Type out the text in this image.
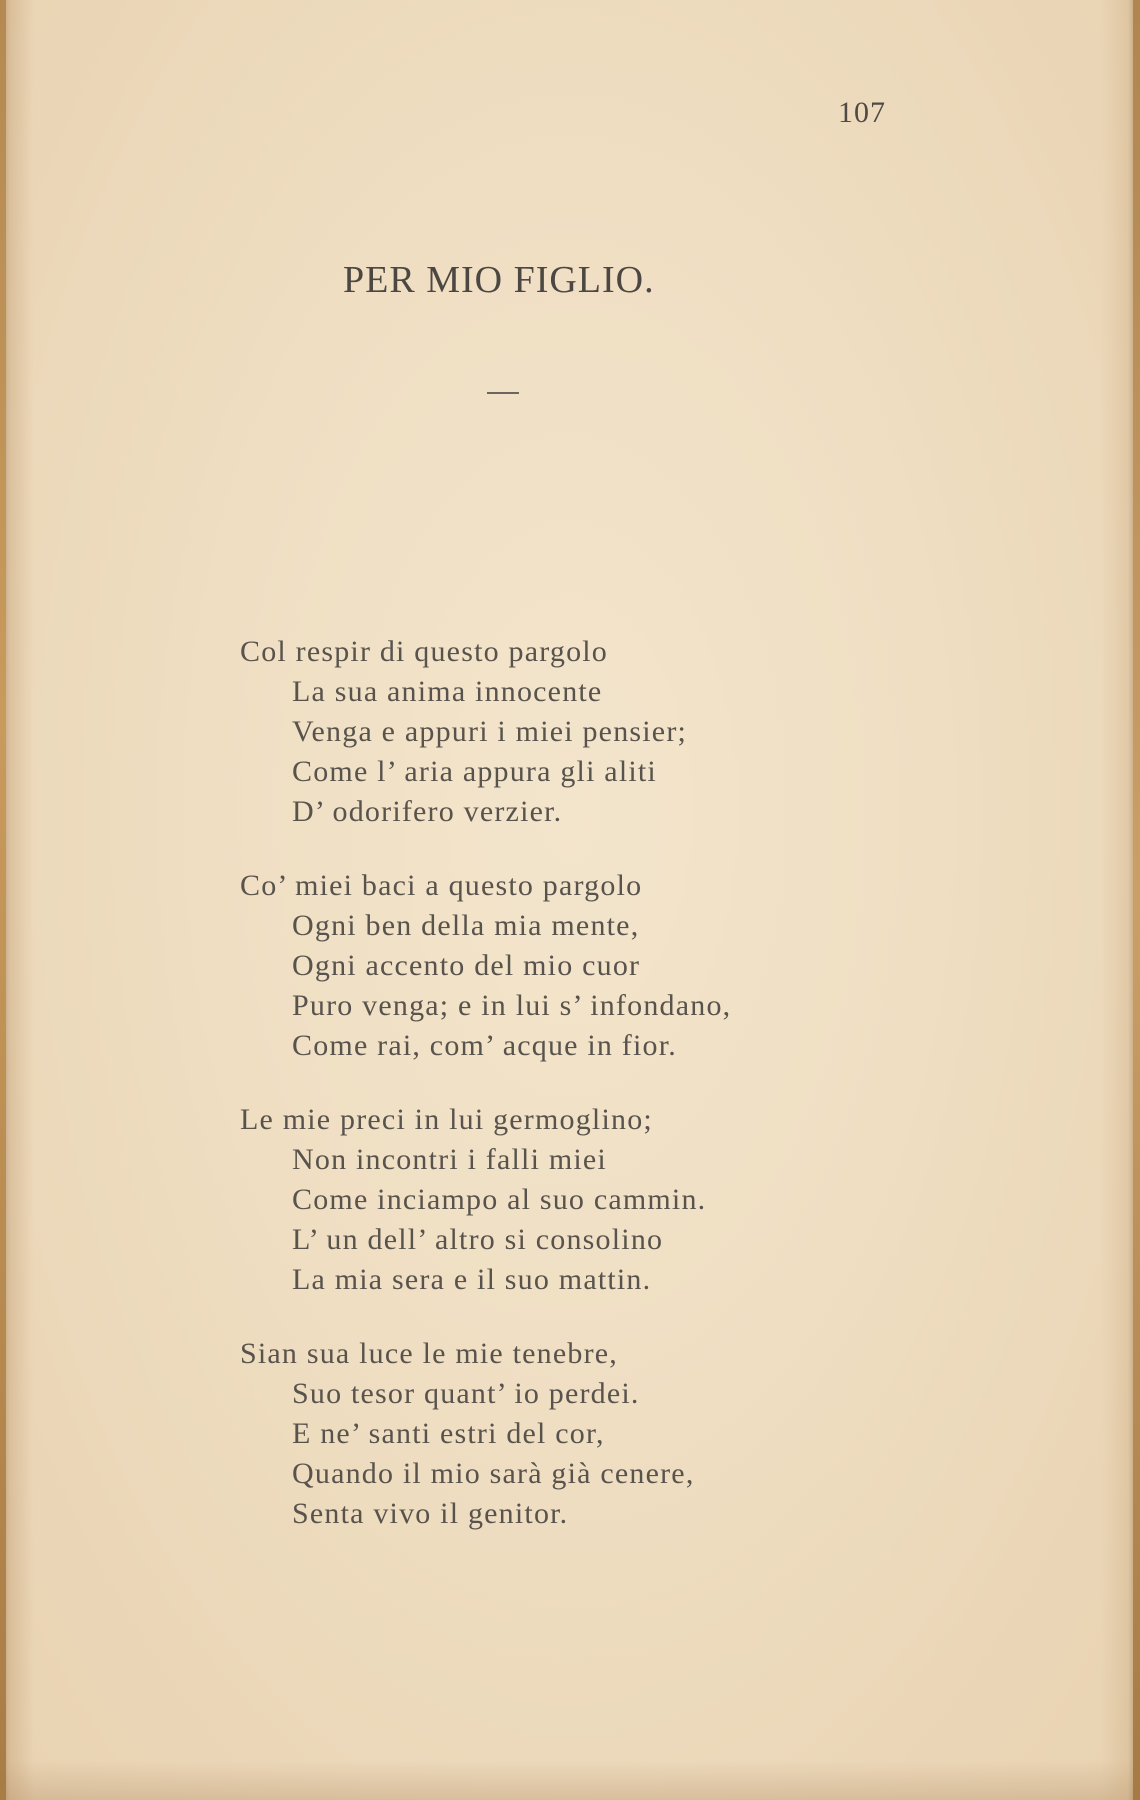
107
PER MIO FIGLIO.
Col respir di questo pargolo
La sua anima innocente
Venga e appuri i miei pensier;
Come l’ aria appura gli aliti
D’ odorifero verzier.
Co’ miei baci a questo pargolo
Ogni ben della mia mente,
Ogni accento del mio cuor
Puro venga; e in lui s’ infondano,
Come rai, com’ acque in fior.
Le mie preci in lui germoglino;
Non incontri i falli miei
Come inciampo al suo cammin.
L’ un dell’ altro si consolino
La mia sera e il suo mattin.
Sian sua luce le mie tenebre,
Suo tesor quant’ io perdei.
E ne’ santi estri del cor,
Quando il mio sarà già cenere,
Senta vivo il genitor.
